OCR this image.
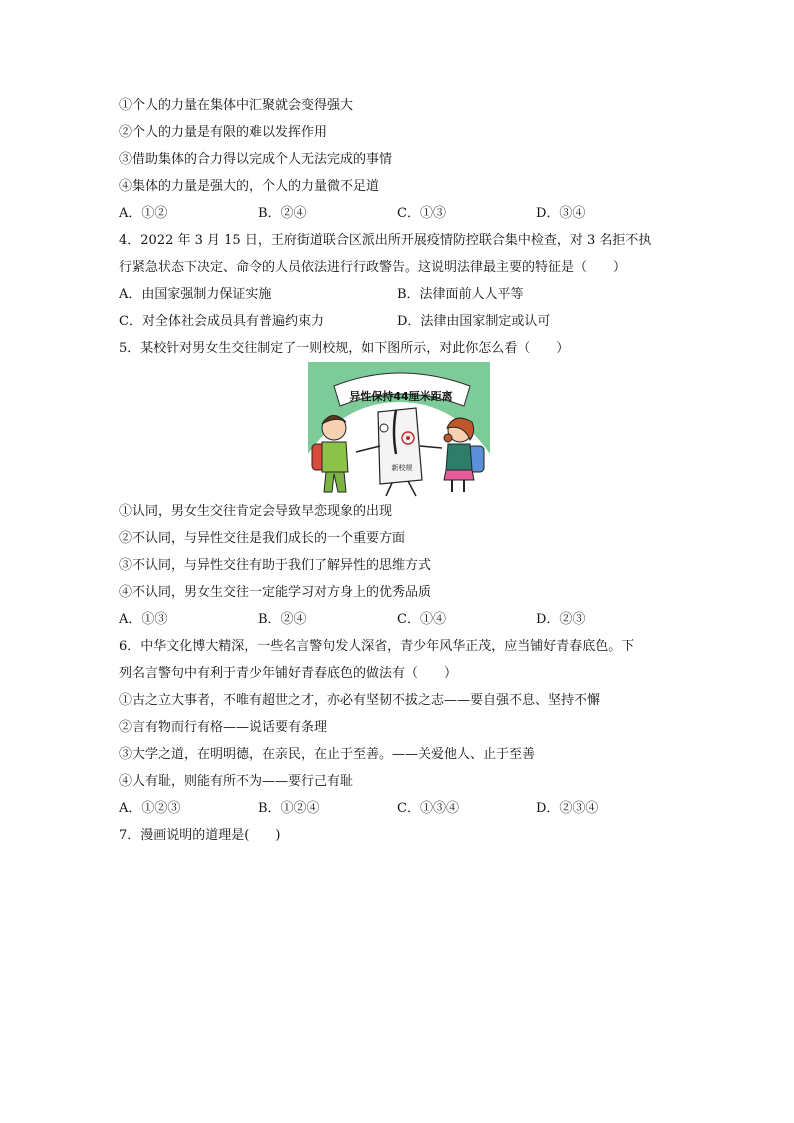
①个人的力量在集体中汇聚就会变得强大
②个人的力量是有限的难以发挥作用
③借助集体的合力得以完成个人无法完成的事情
④集体的力量是强大的，个人的力量微不足道
A．①②	B．②④	C．①③	D．③④
4．2022 年 3 月 15 日，王府街道联合区派出所开展疫情防控联合集中检查，对 3 名拒不执
行紧急状态下决定、命令的人员依法进行行政警告。这说明法律最主要的特征是（　　）
A．由国家强制力保证实施	B．法律面前人人平等
C．对全体社会成员具有普遍约束力	D．法律由国家制定或认可
5．某校针对男女生交往制定了一则校规，如下图所示，对此你怎么看（　　）
异性保持44厘米距离
新校规
①认同，男女生交往肯定会导致早恋现象的出现
②不认同，与异性交往是我们成长的一个重要方面
③不认同，与异性交往有助于我们了解异性的思维方式
④不认同，男女生交往一定能学习对方身上的优秀品质
A．①③	B．②④	C．①④	D．②③
6．中华文化博大精深，一些名言警句发人深省，青少年风华正茂，应当铺好青春底色。下
列名言警句中有利于青少年铺好青春底色的做法有（　　）
①古之立大事者，不唯有超世之才，亦必有坚韧不拔之志——要自强不息、坚持不懈
②言有物而行有格——说话要有条理
③大学之道，在明明德，在亲民，在止于至善。——关爱他人、止于至善
④人有耻，则能有所不为——要行己有耻
A．①②③	B．①②④	C．①③④	D．②③④
7．漫画说明的道理是(　　)
